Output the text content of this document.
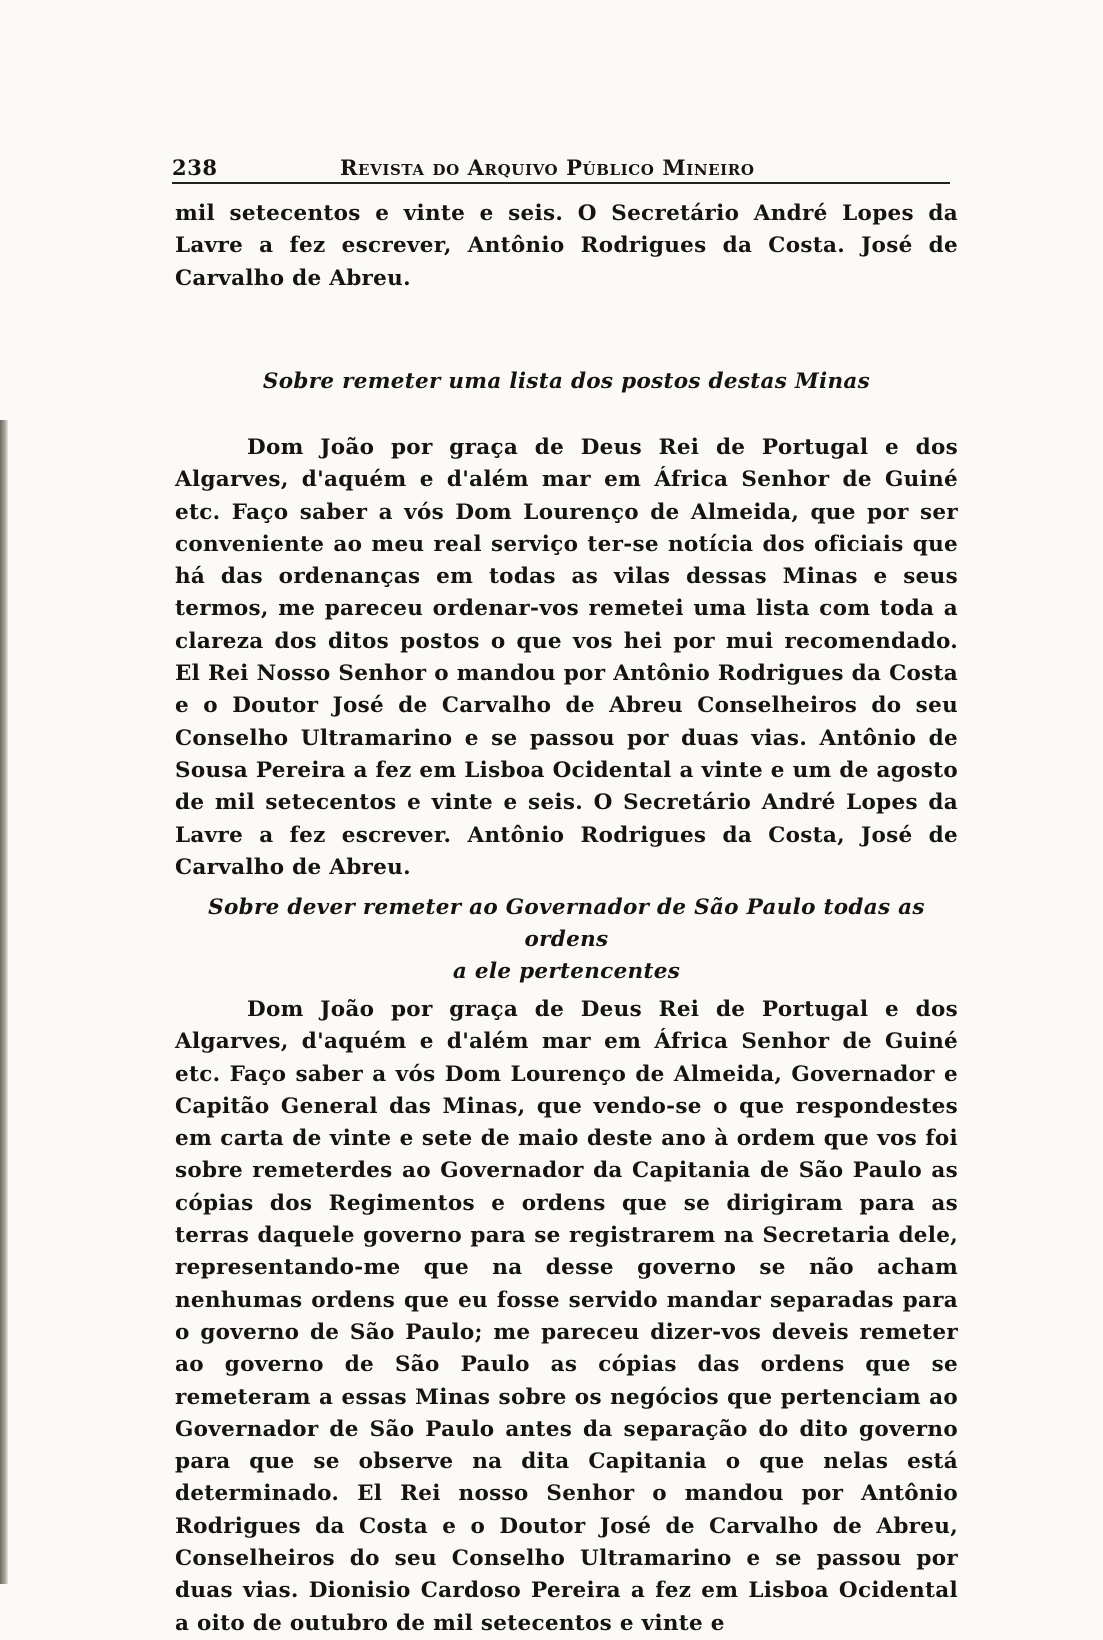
238	Revista do Arquivo Público Mineiro

mil setecentos e vinte e seis. O Secretário André Lopes da Lavre a fez escrever, Antônio Rodrigues da Costa. José de Carvalho de Abreu.

Sobre remeter uma lista dos postos destas Minas

Dom João por graça de Deus Rei de Portugal e dos Algarves, d'aquém e d'além mar em África Senhor de Guiné etc. Faço saber a vós Dom Lourenço de Almeida, que por ser conveniente ao meu real serviço ter-se notícia dos oficiais que há das ordenanças em todas as vilas dessas Minas e seus termos, me pareceu ordenar-vos remetei uma lista com toda a clareza dos ditos postos o que vos hei por mui recomendado. El Rei Nosso Senhor o mandou por Antônio Rodrigues da Costa e o Doutor José de Carvalho de Abreu Conselheiros do seu Conselho Ultramarino e se passou por duas vias. Antônio de Sousa Pereira a fez em Lisboa Ocidental a vinte e um de agosto de mil setecentos e vinte e seis. O Secretário André Lopes da Lavre a fez escrever. Antônio Rodrigues da Costa, José de Carvalho de Abreu.

Sobre dever remeter ao Governador de São Paulo todas as ordens
a ele pertencentes

Dom João por graça de Deus Rei de Portugal e dos Algarves, d'aquém e d'além mar em África Senhor de Guiné etc. Faço saber a vós Dom Lourenço de Almeida, Governador e Capitão General das Minas, que vendo-se o que respondestes em carta de vinte e sete de maio deste ano à ordem que vos foi sobre remeterdes ao Governador da Capitania de São Paulo as cópias dos Regimentos e ordens que se dirigiram para as terras daquele governo para se registrarem na Secretaria dele, representando-me que na desse governo se não acham nenhumas ordens que eu fosse servido mandar separadas para o governo de São Paulo; me pareceu dizer-vos deveis remeter ao governo de São Paulo as cópias das ordens que se remeteram a essas Minas sobre os negócios que pertenciam ao Governador de São Paulo antes da separação do dito governo para que se observe na dita Capitania o que nelas está determinado. El Rei nosso Senhor o mandou por Antônio Rodrigues da Costa e o Doutor José de Carvalho de Abreu, Conselheiros do seu Conselho Ultramarino e se passou por duas vias. Dionisio Cardoso Pereira a fez em Lisboa Ocidental a oito de outubro de mil setecentos e vinte e
